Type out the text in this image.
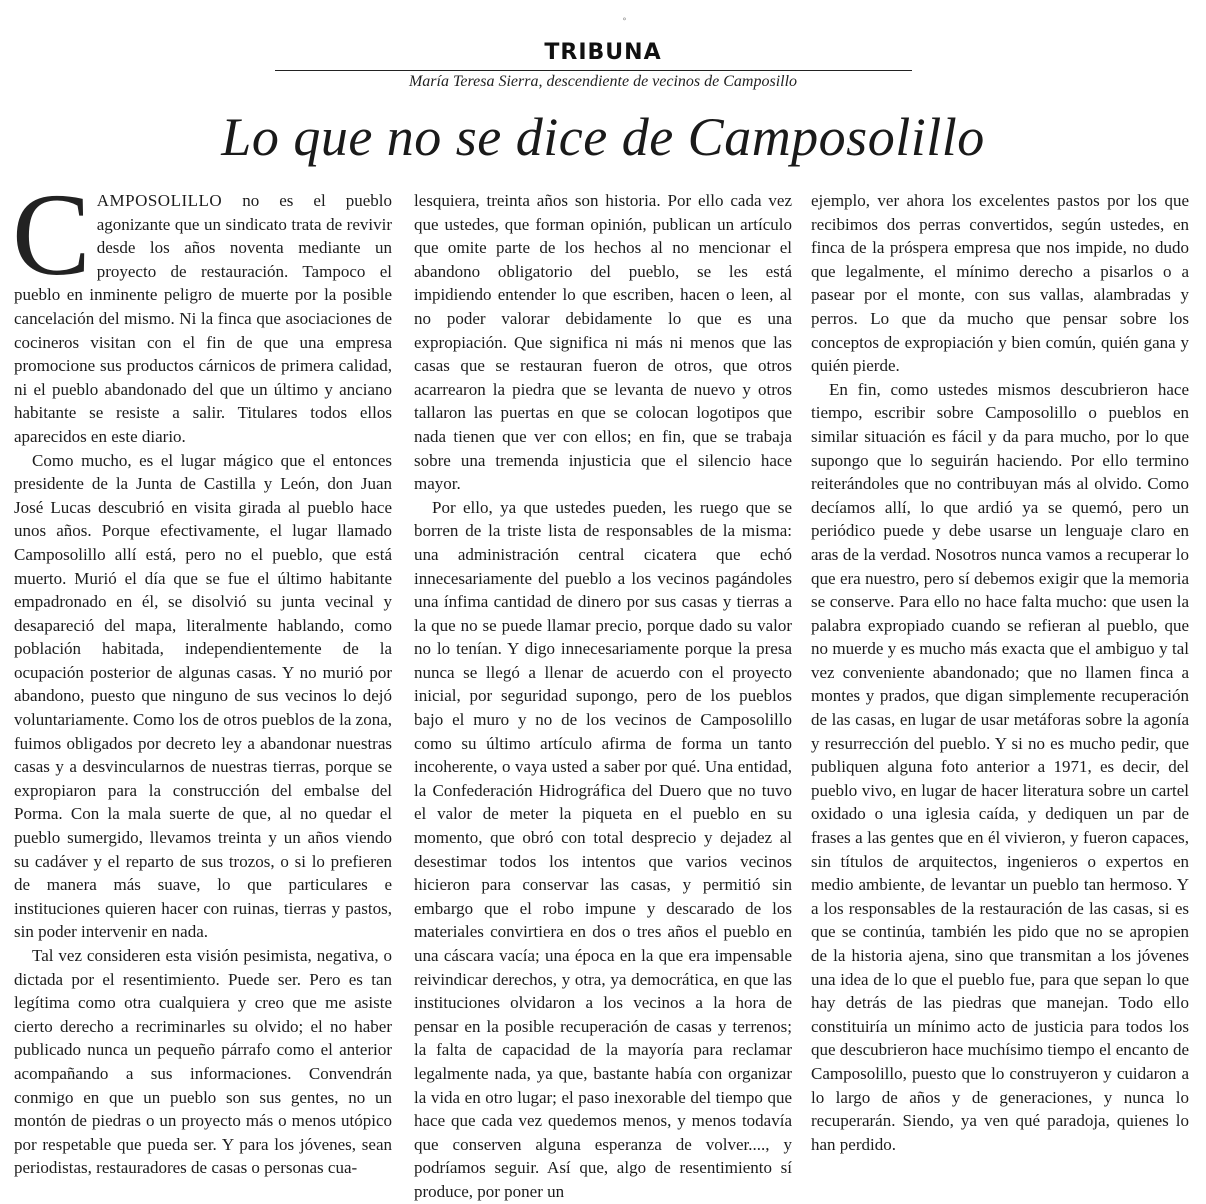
∘
TRIBUNA
María Teresa Sierra, descendiente de vecinos de Camposillo
Lo que no se dice de Camposolillo

CAMPOSOLILLO no es el pueblo agonizante que un sindicato trata de revivir desde los años noventa mediante un proyecto de restauración. Tampoco el pueblo en inminente peligro de muerte por la posible cancelación del mismo. Ni la finca que asociaciones de cocineros visitan con el fin de que una empresa promocione sus productos cárnicos de primera calidad, ni el pueblo abandonado del que un último y anciano habitante se resiste a salir. Titulares todos ellos aparecidos en este diario.

Como mucho, es el lugar mágico que el entonces presidente de la Junta de Castilla y León, don Juan José Lucas descubrió en visita girada al pueblo hace unos años. Porque efectivamente, el lugar llamado Camposolillo allí está, pero no el pueblo, que está muerto. Murió el día que se fue el último habitante empadronado en él, se disolvió su junta vecinal y desapareció del mapa, literalmente hablando, como población habitada, independientemente de la ocupación posterior de algunas casas. Y no murió por abandono, puesto que ninguno de sus vecinos lo dejó voluntariamente. Como los de otros pueblos de la zona, fuimos obligados por decreto ley a abandonar nuestras casas y a desvincularnos de nuestras tierras, porque se expropiaron para la construcción del embalse del Porma. Con la mala suerte de que, al no quedar el pueblo sumergido, llevamos treinta y un años viendo su cadáver y el reparto de sus trozos, o si lo prefieren de manera más suave, lo que particulares e instituciones quieren hacer con ruinas, tierras y pastos, sin poder intervenir en nada.

Tal vez consideren esta visión pesimista, negativa, o dictada por el resentimiento. Puede ser. Pero es tan legítima como otra cualquiera y creo que me asiste cierto derecho a recriminarles su olvido; el no haber publicado nunca un pequeño párrafo como el anterior acompañando a sus informaciones. Convendrán conmigo en que un pueblo son sus gentes, no un montón de piedras o un proyecto más o menos utópico por respetable que pueda ser. Y para los jóvenes, sean periodistas, restauradores de casas o personas cua-

lesquiera, treinta años son historia. Por ello cada vez que ustedes, que forman opinión, publican un artículo que omite parte de los hechos al no mencionar el abandono obligatorio del pueblo, se les está impidiendo entender lo que escriben, hacen o leen, al no poder valorar debidamente lo que es una expropiación. Que significa ni más ni menos que las casas que se restauran fueron de otros, que otros acarrearon la piedra que se levanta de nuevo y otros tallaron las puertas en que se colocan logotipos que nada tienen que ver con ellos; en fin, que se trabaja sobre una tremenda injusticia que el silencio hace mayor.

Por ello, ya que ustedes pueden, les ruego que se borren de la triste lista de responsables de la misma: una administración central cicatera que echó innecesariamente del pueblo a los vecinos pagándoles una ínfima cantidad de dinero por sus casas y tierras a la que no se puede llamar precio, porque dado su valor no lo tenían. Y digo innecesariamente porque la presa nunca se llegó a llenar de acuerdo con el proyecto inicial, por seguridad supongo, pero de los pueblos bajo el muro y no de los vecinos de Camposolillo como su último artículo afirma de forma un tanto incoherente, o vaya usted a saber por qué. Una entidad, la Confederación Hidrográfica del Duero que no tuvo el valor de meter la piqueta en el pueblo en su momento, que obró con total desprecio y dejadez al desestimar todos los intentos que varios vecinos hicieron para conservar las casas, y permitió sin embargo que el robo impune y descarado de los materiales convirtiera en dos o tres años el pueblo en una cáscara vacía; una época en la que era impensable reivindicar derechos, y otra, ya democrática, en que las instituciones olvidaron a los vecinos a la hora de pensar en la posible recuperación de casas y terrenos; la falta de capacidad de la mayoría para reclamar legalmente nada, ya que, bastante había con organizar la vida en otro lugar; el paso inexorable del tiempo que hace que cada vez quedemos menos, y menos todavía que conserven alguna esperanza de volver...., y podríamos seguir. Así que, algo de resentimiento sí produce, por poner un

ejemplo, ver ahora los excelentes pastos por los que recibimos dos perras convertidos, según ustedes, en finca de la próspera empresa que nos impide, no dudo que legalmente, el mínimo derecho a pisarlos o a pasear por el monte, con sus vallas, alambradas y perros. Lo que da mucho que pensar sobre los conceptos de expropiación y bien común, quién gana y quién pierde.

En fin, como ustedes mismos descubrieron hace tiempo, escribir sobre Camposolillo o pueblos en similar situación es fácil y da para mucho, por lo que supongo que lo seguirán haciendo. Por ello termino reiterándoles que no contribuyan más al olvido. Como decíamos allí, lo que ardió ya se quemó, pero un periódico puede y debe usarse un lenguaje claro en aras de la verdad. Nosotros nunca vamos a recuperar lo que era nuestro, pero sí debemos exigir que la memoria se conserve. Para ello no hace falta mucho: que usen la palabra expropiado cuando se refieran al pueblo, que no muerde y es mucho más exacta que el ambiguo y tal vez conveniente abandonado; que no llamen finca a montes y prados, que digan simplemente recuperación de las casas, en lugar de usar metáforas sobre la agonía y resurrección del pueblo. Y si no es mucho pedir, que publiquen alguna foto anterior a 1971, es decir, del pueblo vivo, en lugar de hacer literatura sobre un cartel oxidado o una iglesia caída, y dediquen un par de frases a las gentes que en él vivieron, y fueron capaces, sin títulos de arquitectos, ingenieros o expertos en medio ambiente, de levantar un pueblo tan hermoso. Y a los responsables de la restauración de las casas, si es que se continúa, también les pido que no se apropien de la historia ajena, sino que transmitan a los jóvenes una idea de lo que el pueblo fue, para que sepan lo que hay detrás de las piedras que manejan. Todo ello constituiría un mínimo acto de justicia para todos los que descubrieron hace muchísimo tiempo el encanto de Camposolillo, puesto que lo construyeron y cuidaron a lo largo de años y de generaciones, y nunca lo recuperarán. Siendo, ya ven qué paradoja, quienes lo han perdido.
